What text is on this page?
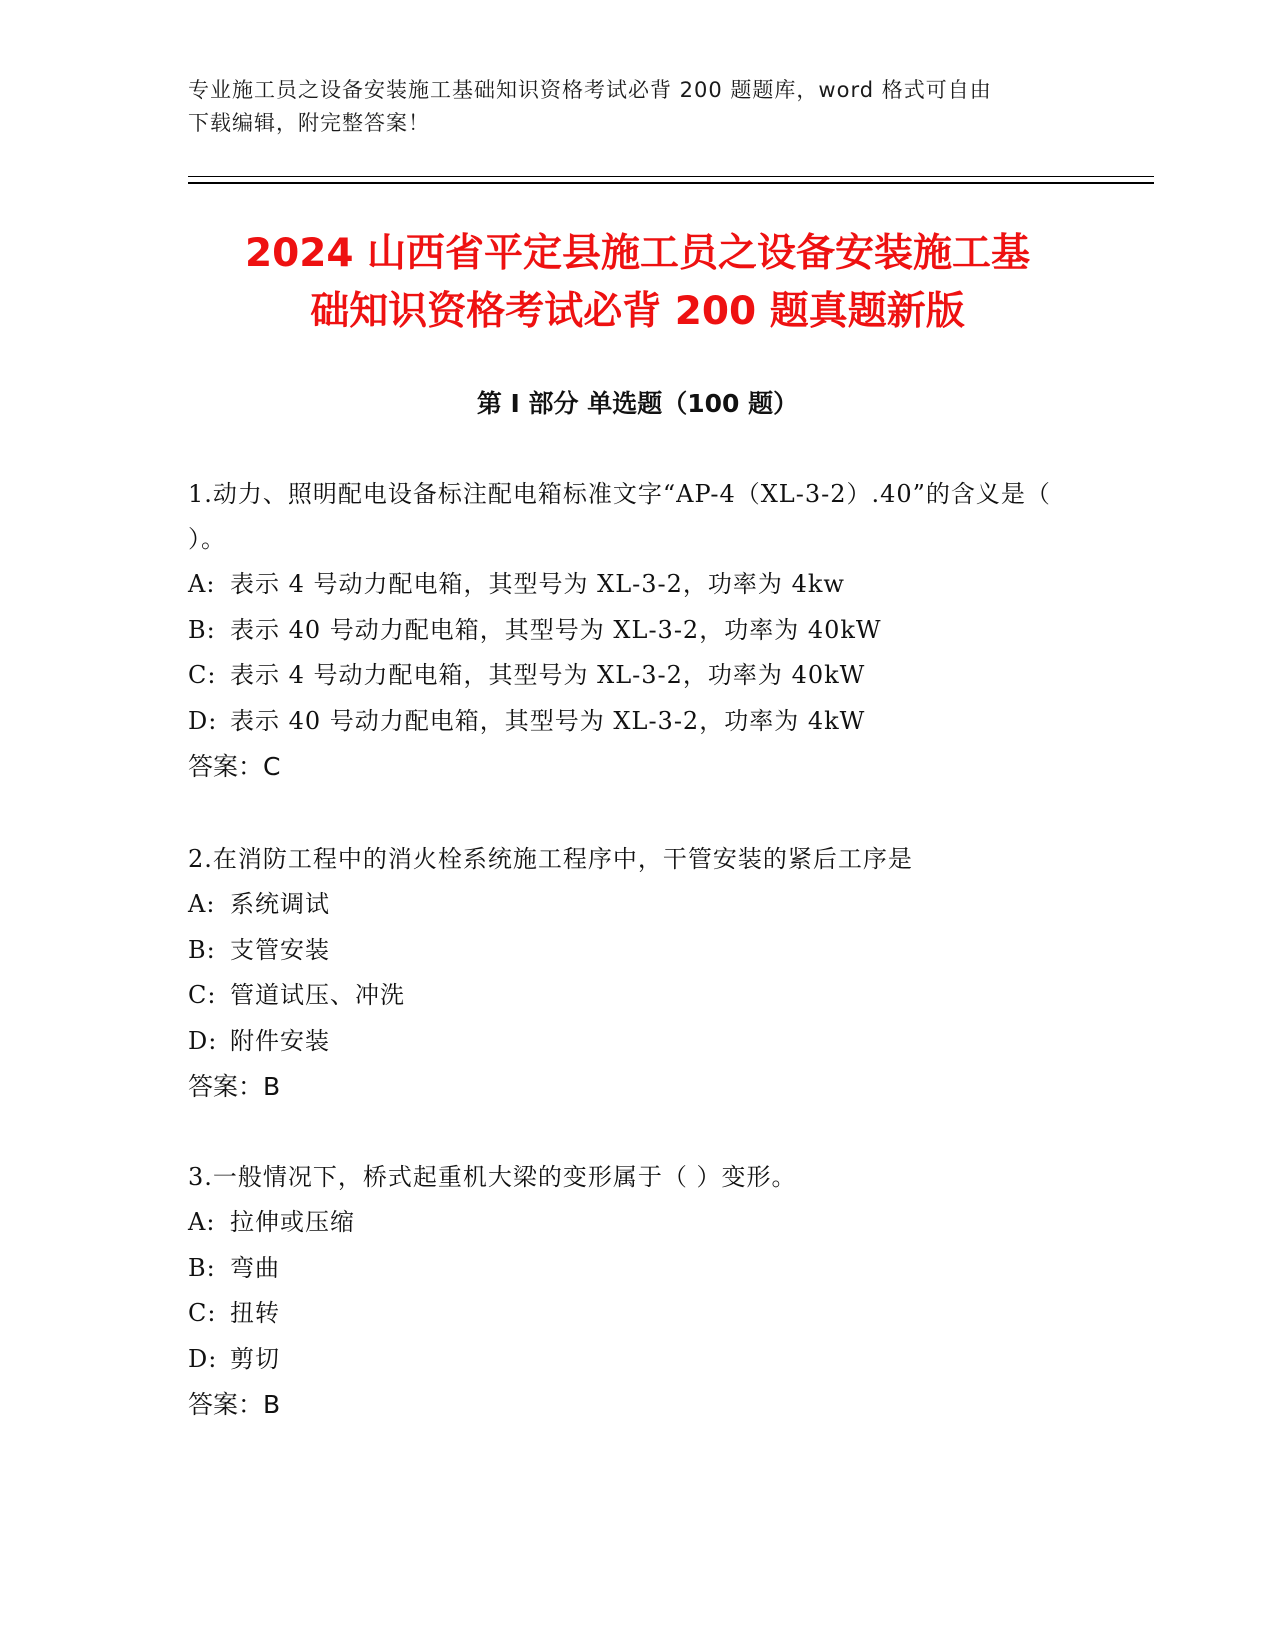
专业施工员之设备安装施工基础知识资格考试必背 200 题题库，word 格式可自由
下载编辑，附完整答案！
2024 山西省平定县施工员之设备安装施工基
础知识资格考试必背 200 题真题新版
第 I 部分 单选题（100 题）
1.动力、照明配电设备标注配电箱标准文字“AP-4（XL-3-2）.40”的含义是（ ）。
A: 表示 4 号动力配电箱，其型号为 XL-3-2，功率为 4kw
B: 表示 40 号动力配电箱，其型号为 XL-3-2，功率为 40kW
C: 表示 4 号动力配电箱，其型号为 XL-3-2，功率为 40kW
D: 表示 40 号动力配电箱，其型号为 XL-3-2，功率为 4kW
答案：C
2.在消防工程中的消火栓系统施工程序中，干管安装的紧后工序是
A: 系统调试
B: 支管安装
C: 管道试压、冲洗
D: 附件安装
答案：B
3.一般情况下，桥式起重机大梁的变形属于（ ）变形。
A: 拉伸或压缩
B: 弯曲
C: 扭转
D: 剪切
答案：B
